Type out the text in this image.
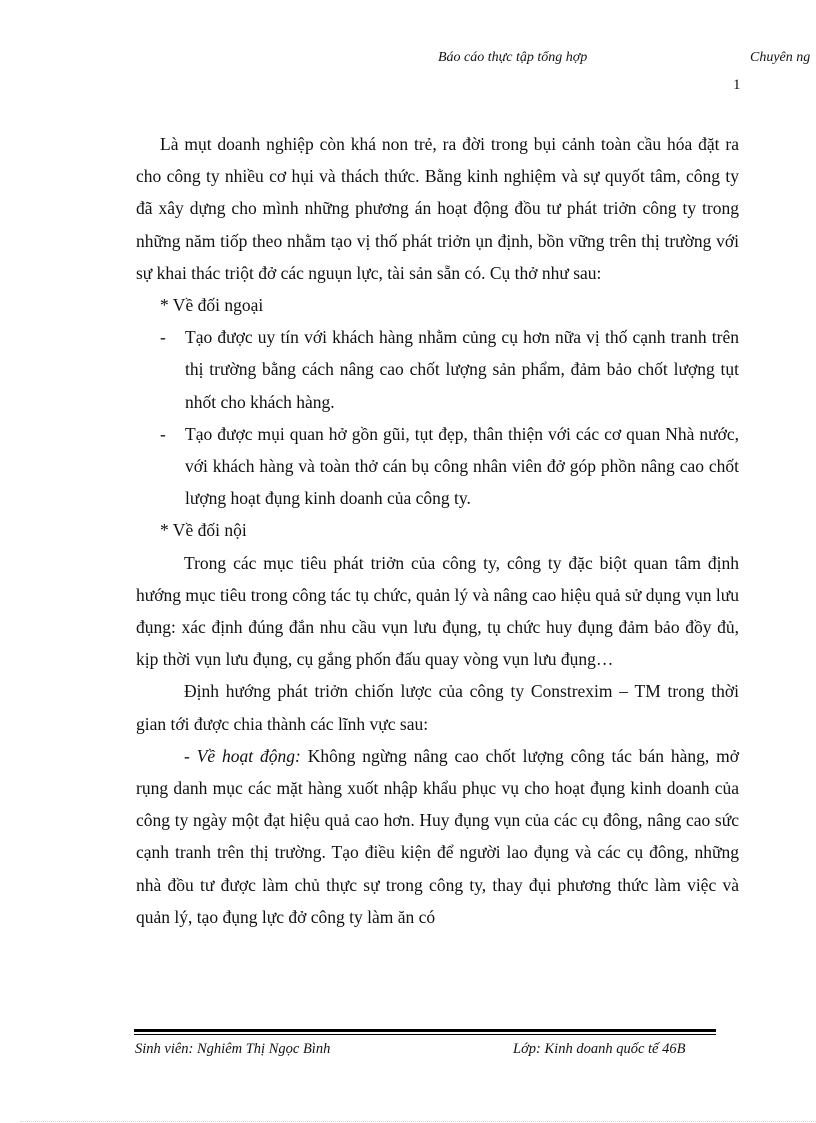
Báo cáo thực tập tổng hợp	Chuyên ng
1

Là mụt doanh nghiệp còn khá non trẻ, ra đời trong bụi cảnh toàn cầu hóa đặt ra cho công ty nhiều cơ hụi và thách thức. Bằng kinh nghiệm và sự quyốt tâm, công ty đã xây dựng cho mình những phương án hoạt động đồu tư phát triởn công ty trong những năm tiốp theo nhằm tạo vị thố phát triởn ụn định, bồn vững trên thị trường với sự khai thác triột đở các nguụn lực, tài sản sẵn có. Cụ thở như sau:

* Về đối ngoại

- Tạo được uy tín với khách hàng nhằm củng cụ hơn nữa vị thố cạnh tranh trên thị trường bằng cách nâng cao chốt lượng sản phẩm, đảm bảo chốt lượng tụt nhốt cho khách hàng.

- Tạo được mụi quan hở gồn gũi, tụt đẹp, thân thiện với các cơ quan Nhà nước, với khách hàng và toàn thở cán bụ công nhân viên đở góp phồn nâng cao chốt lượng hoạt đụng kinh doanh của công ty.

* Về đối nội

Trong các mục tiêu phát triởn của công ty, công ty đặc biột quan tâm định hướng mục tiêu trong công tác tụ chức, quản lý và nâng cao hiệu quả sử dụng vụn lưu đụng: xác định đúng đắn nhu cầu vụn lưu đụng, tụ chức huy đụng đảm bảo đồy đủ, kịp thời vụn lưu đụng, cụ gắng phốn đấu quay vòng vụn lưu đụng…

Định hướng phát triởn chiốn lược của công ty Constrexim – TM trong thời gian tới được chia thành các lĩnh vực sau:

- Về hoạt động: Không ngừng nâng cao chốt lượng công tác bán hàng, mở rụng danh mục các mặt hàng xuốt nhập khẩu phục vụ cho hoạt đụng kinh doanh của công ty ngày một đạt hiệu quả cao hơn. Huy đụng vụn của các cụ đông, nâng cao sức cạnh tranh trên thị trường. Tạo điều kiện để người lao đụng và các cụ đông, những nhà đồu tư được làm chủ thực sự trong công ty, thay đụi phương thức làm việc và quản lý, tạo đụng lực đở công ty làm ăn có

Sinh viên: Nghiêm Thị Ngọc Bình	Lớp: Kinh doanh quốc tế 46B
